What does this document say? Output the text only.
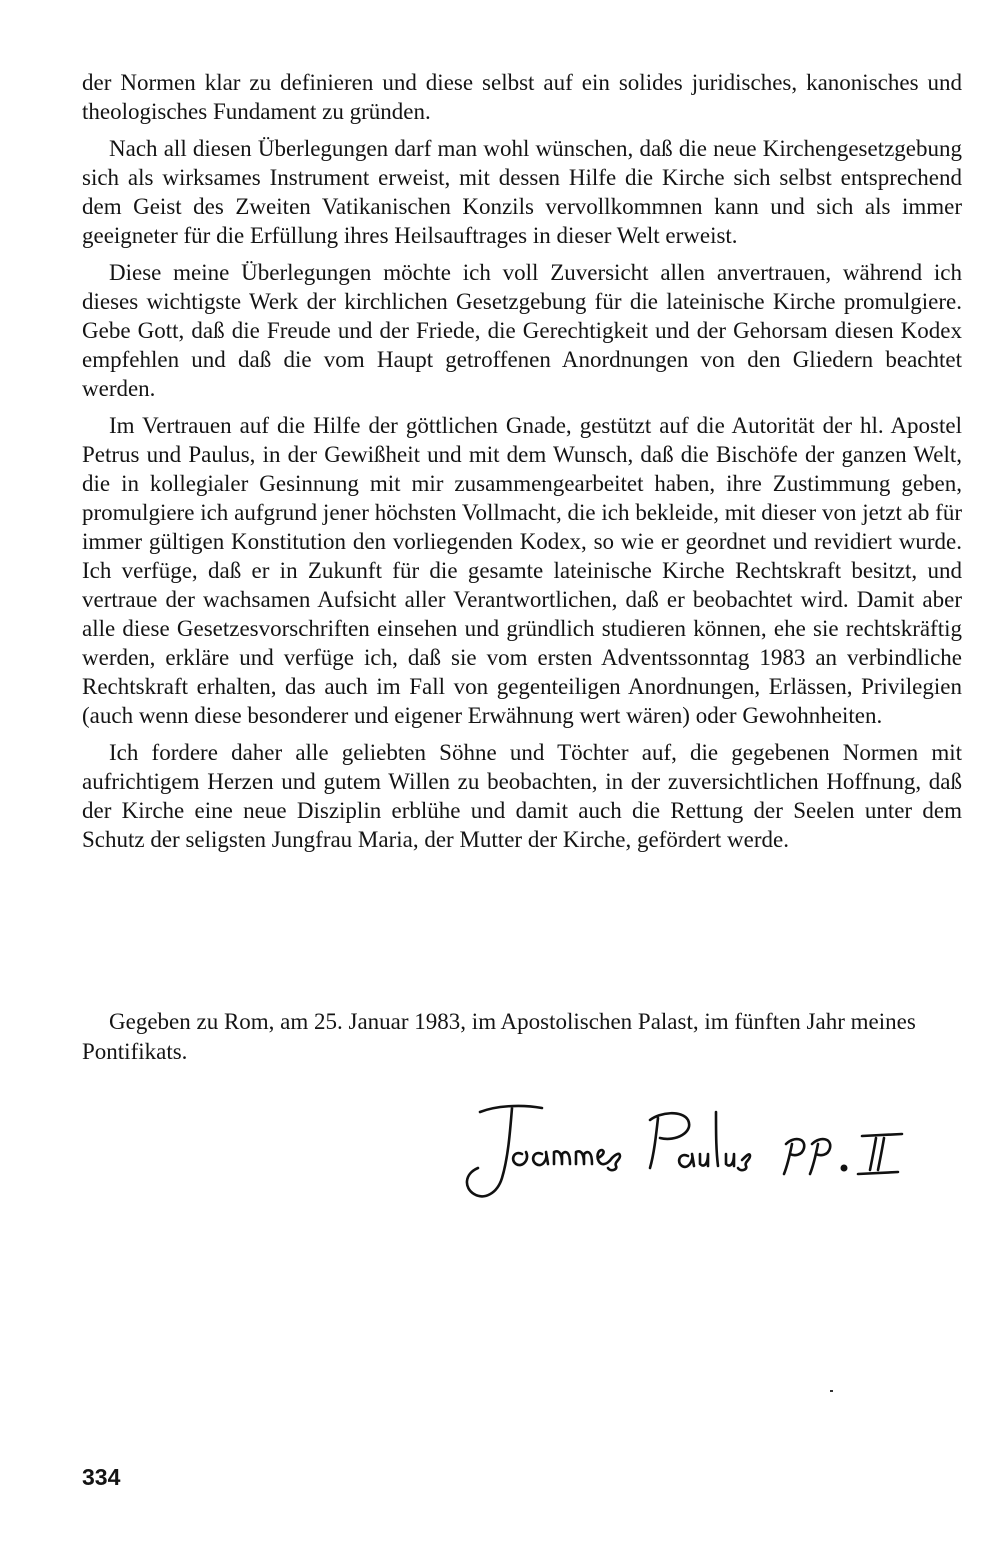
der Normen klar zu definieren und diese selbst auf ein solides juridisches, kanonisches und theologisches Fundament zu gründen.

Nach all diesen Überlegungen darf man wohl wünschen, daß die neue Kirchengesetzgebung sich als wirksames Instrument erweist, mit dessen Hilfe die Kirche sich selbst entsprechend dem Geist des Zweiten Vatikanischen Konzils vervollkommnen kann und sich als immer geeigneter für die Erfüllung ihres Heilsauftrages in dieser Welt erweist.

Diese meine Überlegungen möchte ich voll Zuversicht allen anvertrauen, während ich dieses wichtigste Werk der kirchlichen Gesetzgebung für die lateinische Kirche promulgiere. Gebe Gott, daß die Freude und der Friede, die Gerechtigkeit und der Gehorsam diesen Kodex empfehlen und daß die vom Haupt getroffenen Anordnungen von den Gliedern beachtet werden.

Im Vertrauen auf die Hilfe der göttlichen Gnade, gestützt auf die Autorität der hl. Apostel Petrus und Paulus, in der Gewißheit und mit dem Wunsch, daß die Bischöfe der ganzen Welt, die in kollegialer Gesinnung mit mir zusammengearbeitet haben, ihre Zustimmung geben, promulgiere ich aufgrund jener höchsten Vollmacht, die ich bekleide, mit dieser von jetzt ab für immer gültigen Konstitution den vorliegenden Kodex, so wie er geordnet und revidiert wurde. Ich verfüge, daß er in Zukunft für die gesamte lateinische Kirche Rechtskraft besitzt, und vertraue der wachsamen Aufsicht aller Verantwortlichen, daß er beobachtet wird. Damit aber alle diese Gesetzesvorschriften einsehen und gründlich studieren können, ehe sie rechtskräftig werden, erkläre und verfüge ich, daß sie vom ersten Adventssonntag 1983 an verbindliche Rechtskraft erhalten, das auch im Fall von gegenteiligen Anordnungen, Erlässen, Privilegien (auch wenn diese besonderer und eigener Erwähnung wert wären) oder Gewohnheiten.

Ich fordere daher alle geliebten Söhne und Töchter auf, die gegebenen Normen mit aufrichtigem Herzen und gutem Willen zu beobachten, in der zuversichtlichen Hoffnung, daß der Kirche eine neue Disziplin erblühe und damit auch die Rettung der Seelen unter dem Schutz der seligsten Jungfrau Maria, der Mutter der Kirche, gefördert werde.

Gegeben zu Rom, am 25. Januar 1983, im Apostolischen Palast, im fünften Jahr meines Pontifikats.

334
